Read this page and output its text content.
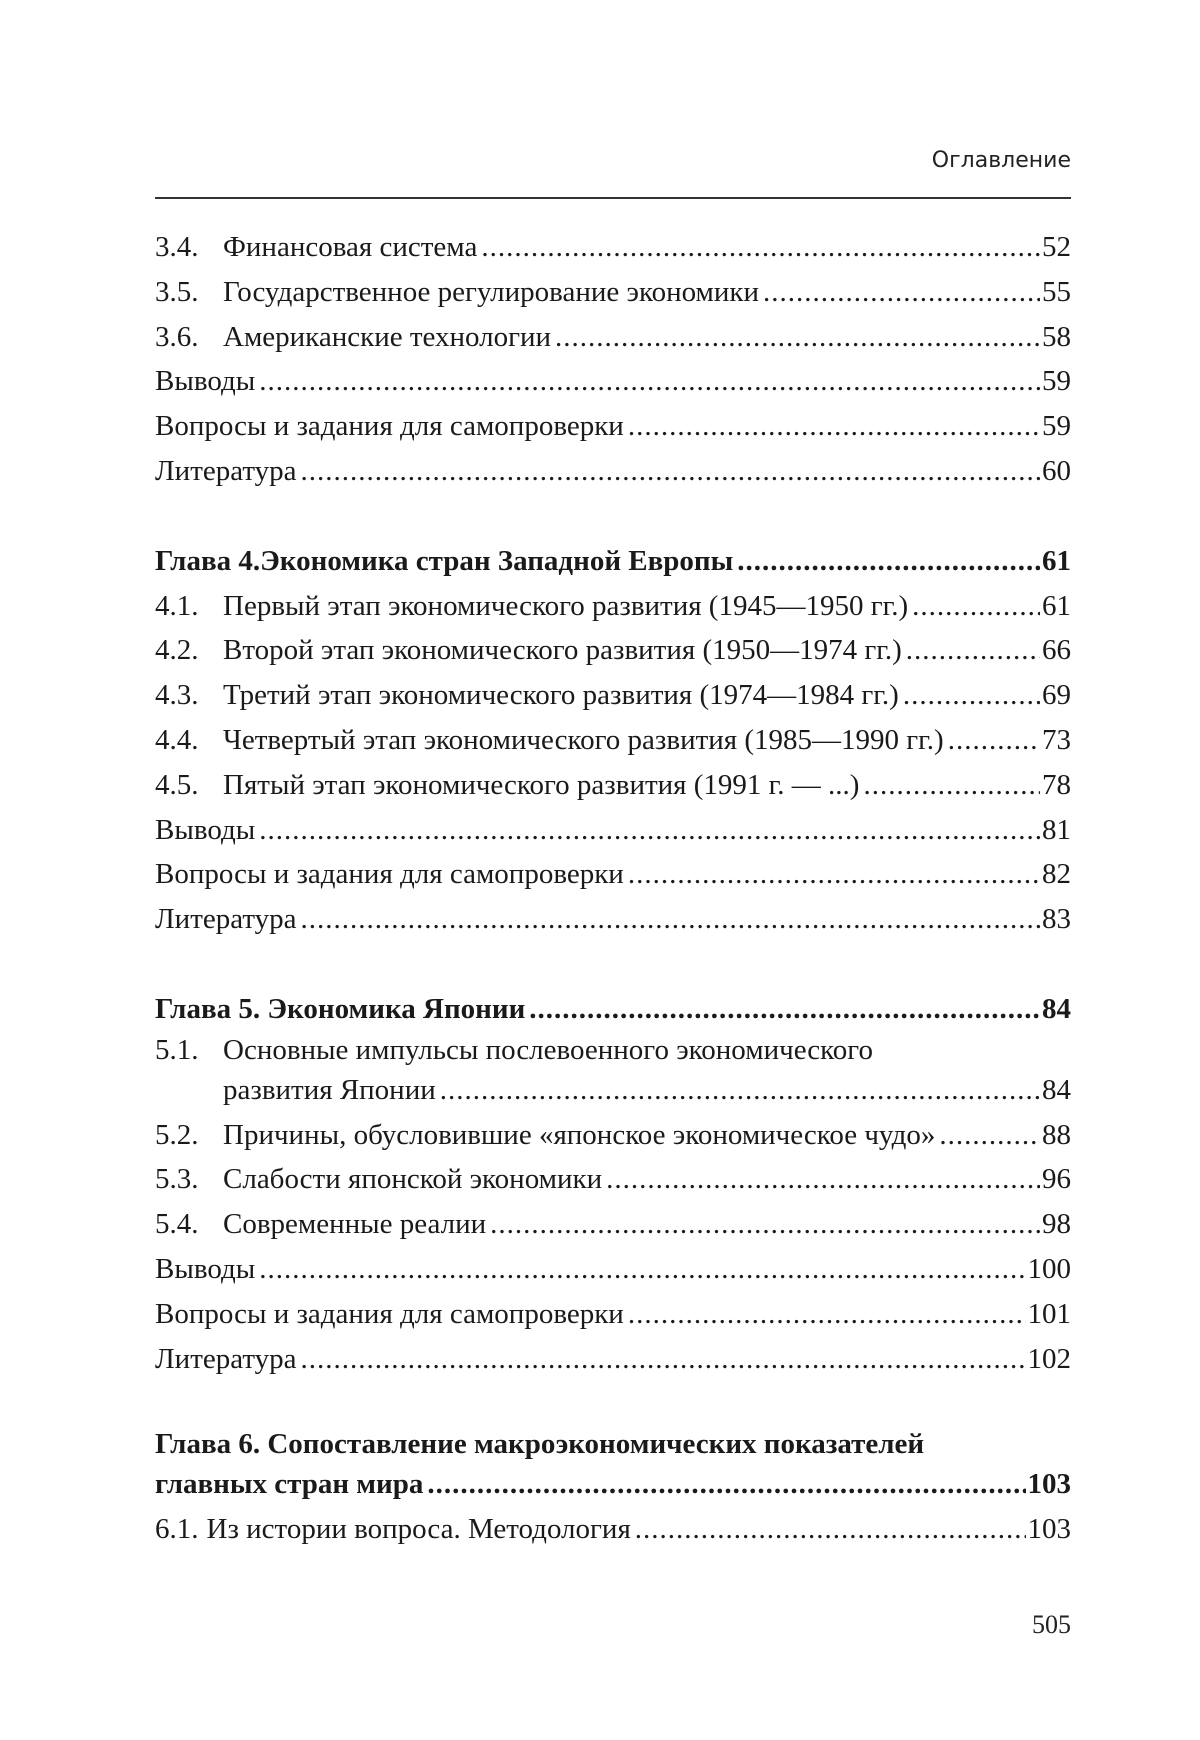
Оглавление
3.4. Финансовая система .....	52
3.5. Государственное регулирование экономики .....	55
3.6. Американские технологии .....	58
Выводы .....	59
Вопросы и задания для самопроверки .....	59
Литература .....	60
Глава 4.Экономика стран Западной Европы .....	61
4.1. Первый этап экономического развития (1945—1950 гг.) .....	61
4.2. Второй этап экономического развития (1950—1974 гг.) .....	66
4.3. Третий этап экономического развития (1974—1984 гг.) .....	69
4.4. Четвертый этап экономического развития (1985—1990 гг.) .....	73
4.5. Пятый этап экономического развития (1991 г. — ...) .....	78
Выводы .....	81
Вопросы и задания для самопроверки .....	82
Литература .....	83
Глава 5. Экономика Японии .....	84
5.1. Основные импульсы послевоенного экономического
развития Японии .....	84
5.2. Причины, обусловившие «японское экономическое чудо» .....	88
5.3. Слабости японской экономики .....	96
5.4. Современные реалии .....	98
Выводы .....	100
Вопросы и задания для самопроверки .....	101
Литература .....	102
Глава 6. Сопоставление макроэкономических показателей
главных стран мира .....	103
6.1. Из истории вопроса. Методология .....	103
505
